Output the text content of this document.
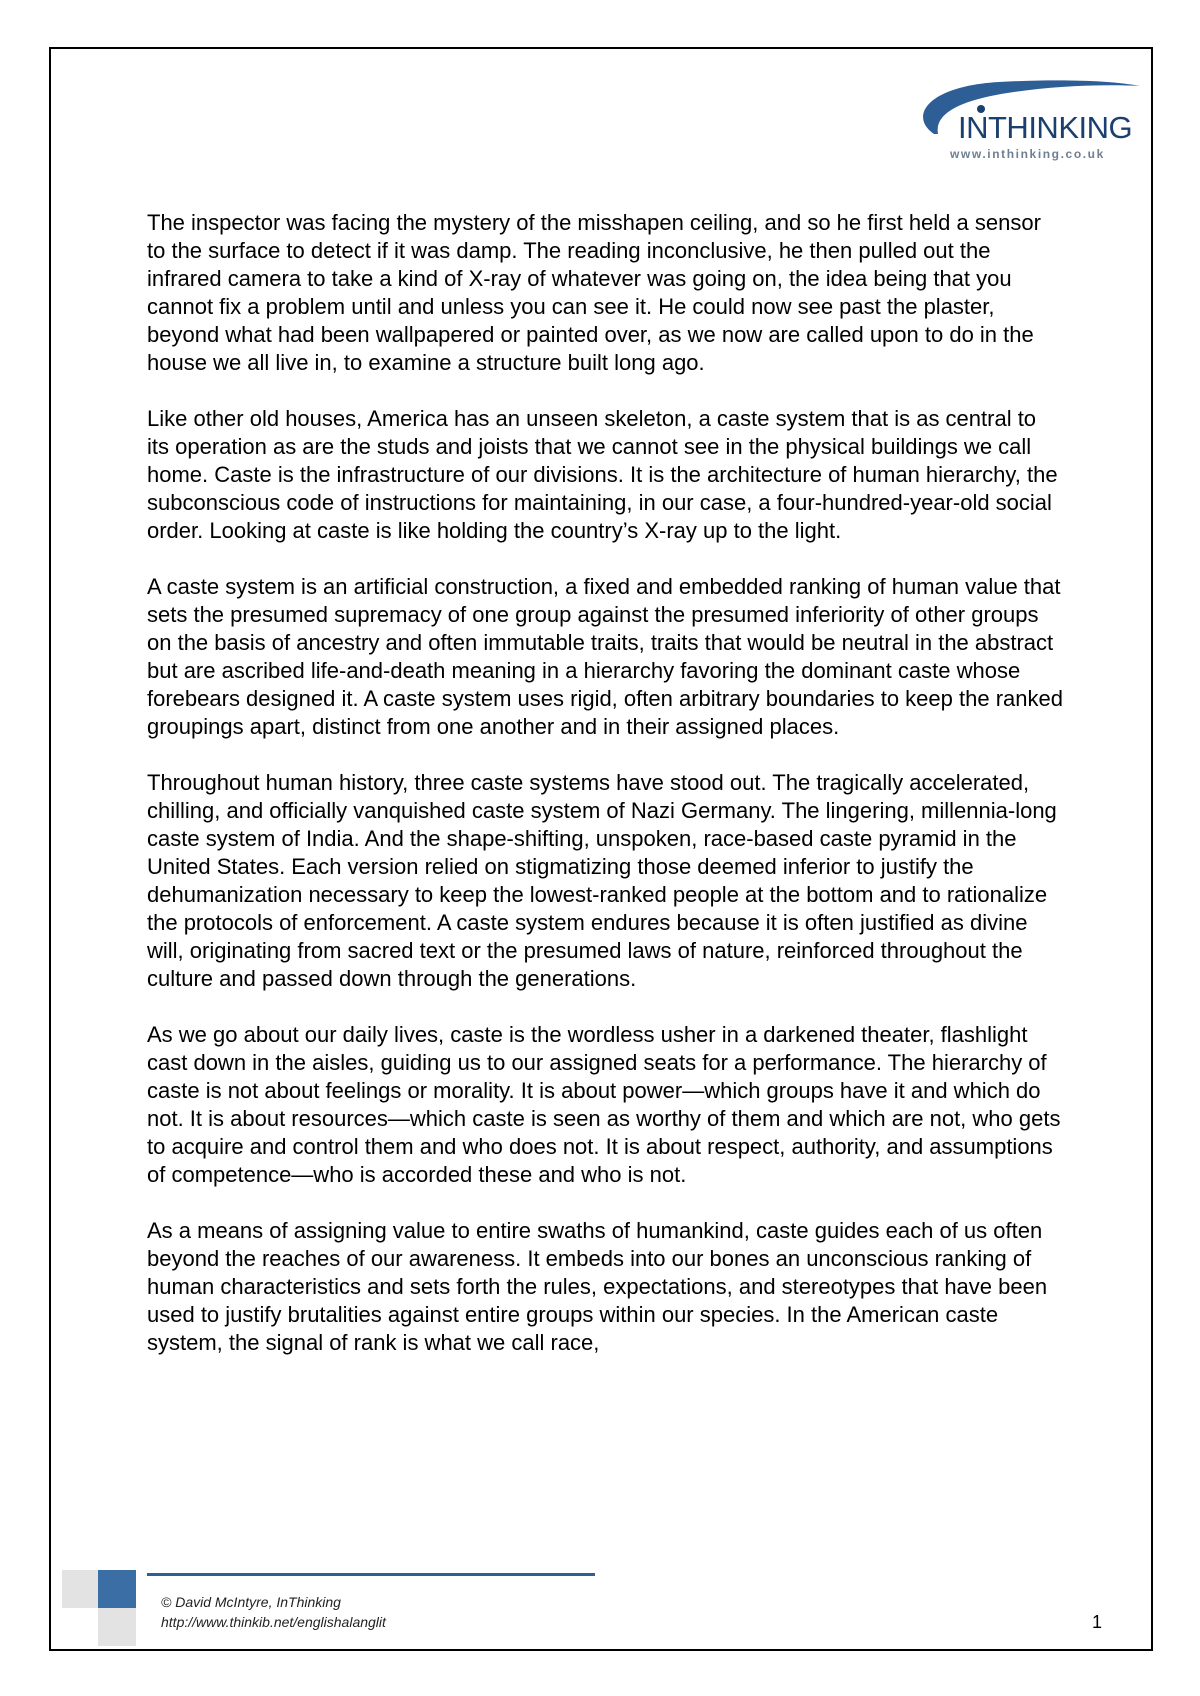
INTHINKING
www.inthinking.co.uk

The inspector was facing the mystery of the misshapen ceiling, and so he first held a sensor to the surface to detect if it was damp. The reading inconclusive, he then pulled out the infrared camera to take a kind of X-ray of whatever was going on, the idea being that you cannot fix a problem until and unless you can see it. He could now see past the plaster, beyond what had been wallpapered or painted over, as we now are called upon to do in the house we all live in, to examine a structure built long ago.

Like other old houses, America has an unseen skeleton, a caste system that is as central to its operation as are the studs and joists that we cannot see in the physical buildings we call home. Caste is the infrastructure of our divisions. It is the architecture of human hierarchy, the subconscious code of instructions for maintaining, in our case, a four-hundred-year-old social order. Looking at caste is like holding the country’s X-ray up to the light.

A caste system is an artificial construction, a fixed and embedded ranking of human value that sets the presumed supremacy of one group against the presumed inferiority of other groups on the basis of ancestry and often immutable traits, traits that would be neutral in the abstract but are ascribed life-and-death meaning in a hierarchy favoring the dominant caste whose forebears designed it. A caste system uses rigid, often arbitrary boundaries to keep the ranked groupings apart, distinct from one another and in their assigned places.

Throughout human history, three caste systems have stood out. The tragically accelerated, chilling, and officially vanquished caste system of Nazi Germany. The lingering, millennia-long caste system of India. And the shape-shifting, unspoken, race-based caste pyramid in the United States. Each version relied on stigmatizing those deemed inferior to justify the dehumanization necessary to keep the lowest-ranked people at the bottom and to rationalize the protocols of enforcement. A caste system endures because it is often justified as divine will, originating from sacred text or the presumed laws of nature, reinforced throughout the culture and passed down through the generations.

As we go about our daily lives, caste is the wordless usher in a darkened theater, flashlight cast down in the aisles, guiding us to our assigned seats for a performance. The hierarchy of caste is not about feelings or morality. It is about power—which groups have it and which do not. It is about resources—which caste is seen as worthy of them and which are not, who gets to acquire and control them and who does not. It is about respect, authority, and assumptions of competence—who is accorded these and who is not.

As a means of assigning value to entire swaths of humankind, caste guides each of us often beyond the reaches of our awareness. It embeds into our bones an unconscious ranking of human characteristics and sets forth the rules, expectations, and stereotypes that have been used to justify brutalities against entire groups within our species. In the American caste system, the signal of rank is what we call race,

© David McIntyre, InThinking
http://www.thinkib.net/englishalanglit	1
